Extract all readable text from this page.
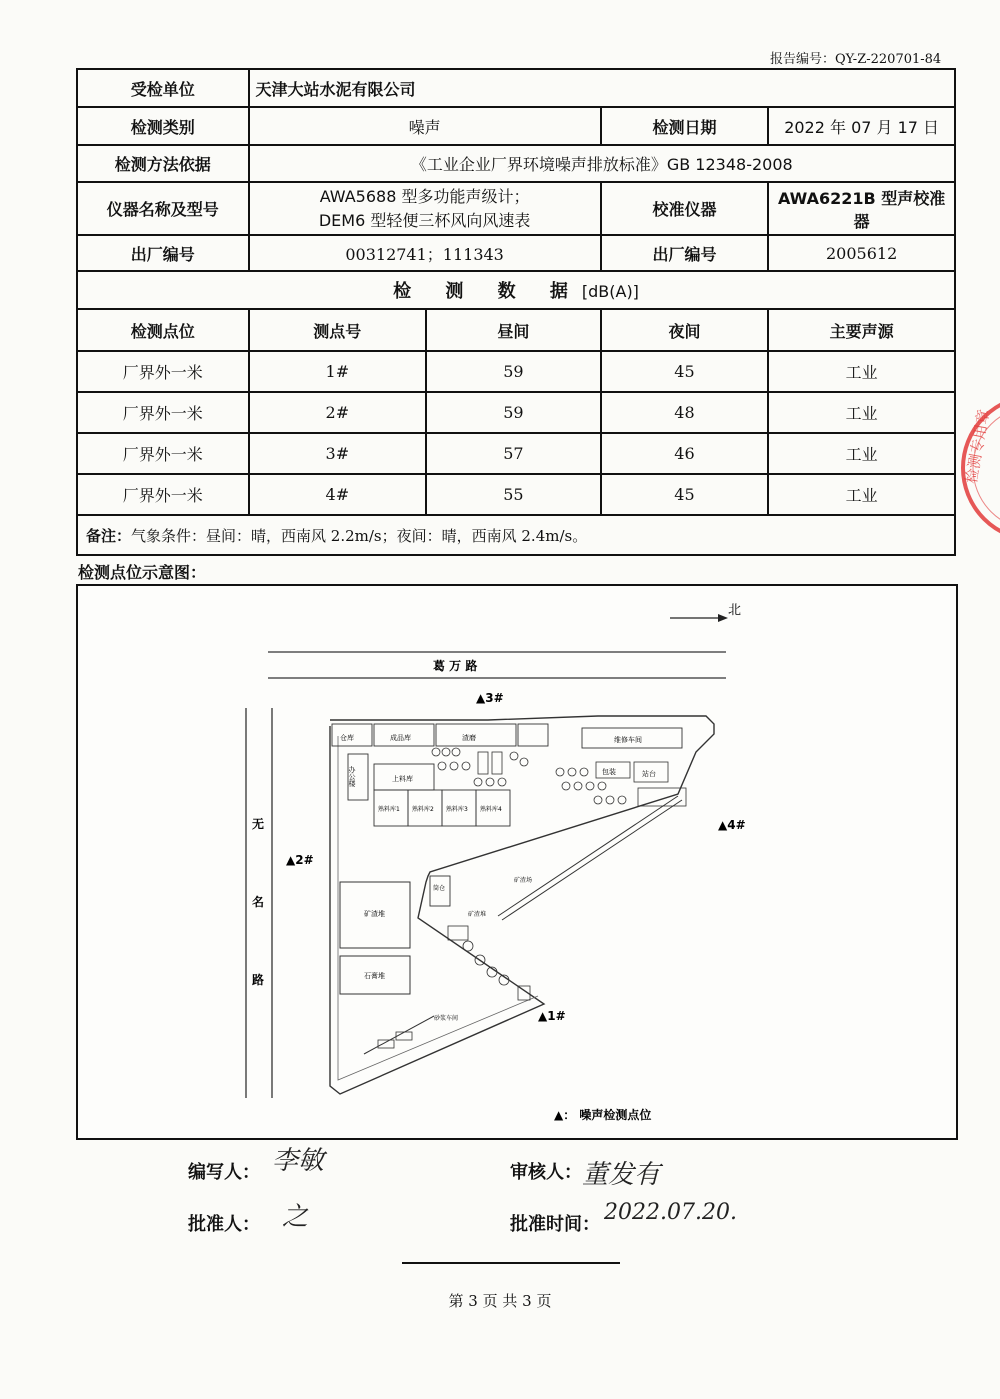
报告编号：QY-Z-220701-84
受检单位	天津大站水泥有限公司			
检测类别	噪声		检测日期	2022 年 07 月 17 日
检测方法依据	《工业企业厂界环境噪声排放标准》GB 12348-2008			
仪器名称及型号	AWA5688 型多功能声级计；
DEM6 型轻便三杯风向风速表		校准仪器	AWA6221B 型声校准器
出厂编号	00312741；111343		出厂编号	2005612
检 测 数 据[dB(A)]				
检测点位	测点号	昼间	夜间	主要声源
厂界外一米	1#	59	45	工业
厂界外一米	2#	59	48	工业
厂界外一米	3#	57	46	工业
厂界外一米	4#	55	45	工业
备注：气象条件：昼间：晴，西南风 2.2m/s；夜间：晴，西南风 2.4m/s。				
检测专用章
检测点位示意图：
北
葛 万 路
无
名
路
仓库	成品库	渣磨	维修车间
办公楼	上料库
熟料库1 熟料库2 熟料库3 熟料库4
包装	站台
矿渣堆
石膏堆
筒仓
矿渣场
矿渣堆
砂浆车间
▲3#
▲2#
▲4#
▲1#
▲： 噪声检测点位
编写人： 李敏	审核人： 董发有
批准人： 之	批准时间： 2022.07.20.
第 3 页 共 3 页
